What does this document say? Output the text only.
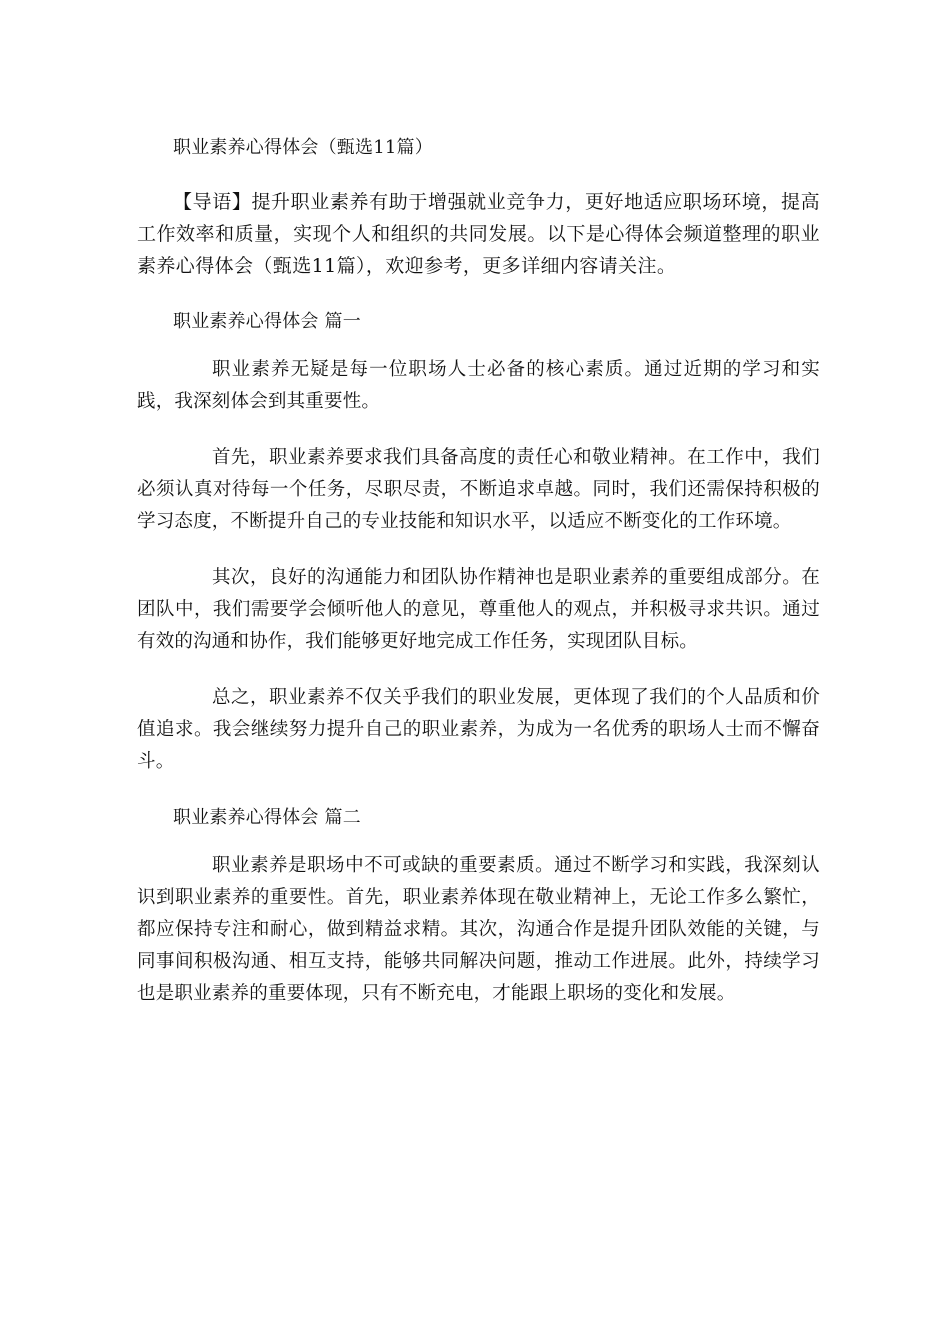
职业素养心得体会（甄选11篇）
【导语】提升职业素养有助于增强就业竞争力，更好地适应职场环境，提高工作效率和质量，实现个人和组织的共同发展。以下是心得体会频道整理的职业素养心得体会（甄选11篇），欢迎参考，更多详细内容请关注。
职业素养心得体会 篇一
职业素养无疑是每一位职场人士必备的核心素质。通过近期的学习和实践，我深刻体会到其重要性。
首先，职业素养要求我们具备高度的责任心和敬业精神。在工作中，我们必须认真对待每一个任务，尽职尽责，不断追求卓越。同时，我们还需保持积极的学习态度，不断提升自己的专业技能和知识水平，以适应不断变化的工作环境。
其次，良好的沟通能力和团队协作精神也是职业素养的重要组成部分。在团队中，我们需要学会倾听他人的意见，尊重他人的观点，并积极寻求共识。通过有效的沟通和协作，我们能够更好地完成工作任务，实现团队目标。
总之，职业素养不仅关乎我们的职业发展，更体现了我们的个人品质和价值追求。我会继续努力提升自己的职业素养，为成为一名优秀的职场人士而不懈奋斗。
职业素养心得体会 篇二
职业素养是职场中不可或缺的重要素质。通过不断学习和实践，我深刻认识到职业素养的重要性。首先，职业素养体现在敬业精神上，无论工作多么繁忙，都应保持专注和耐心，做到精益求精。其次，沟通合作是提升团队效能的关键，与同事间积极沟通、相互支持，能够共同解决问题，推动工作进展。此外，持续学习也是职业素养的重要体现，只有不断充电，才能跟上职场的变化和发展。
